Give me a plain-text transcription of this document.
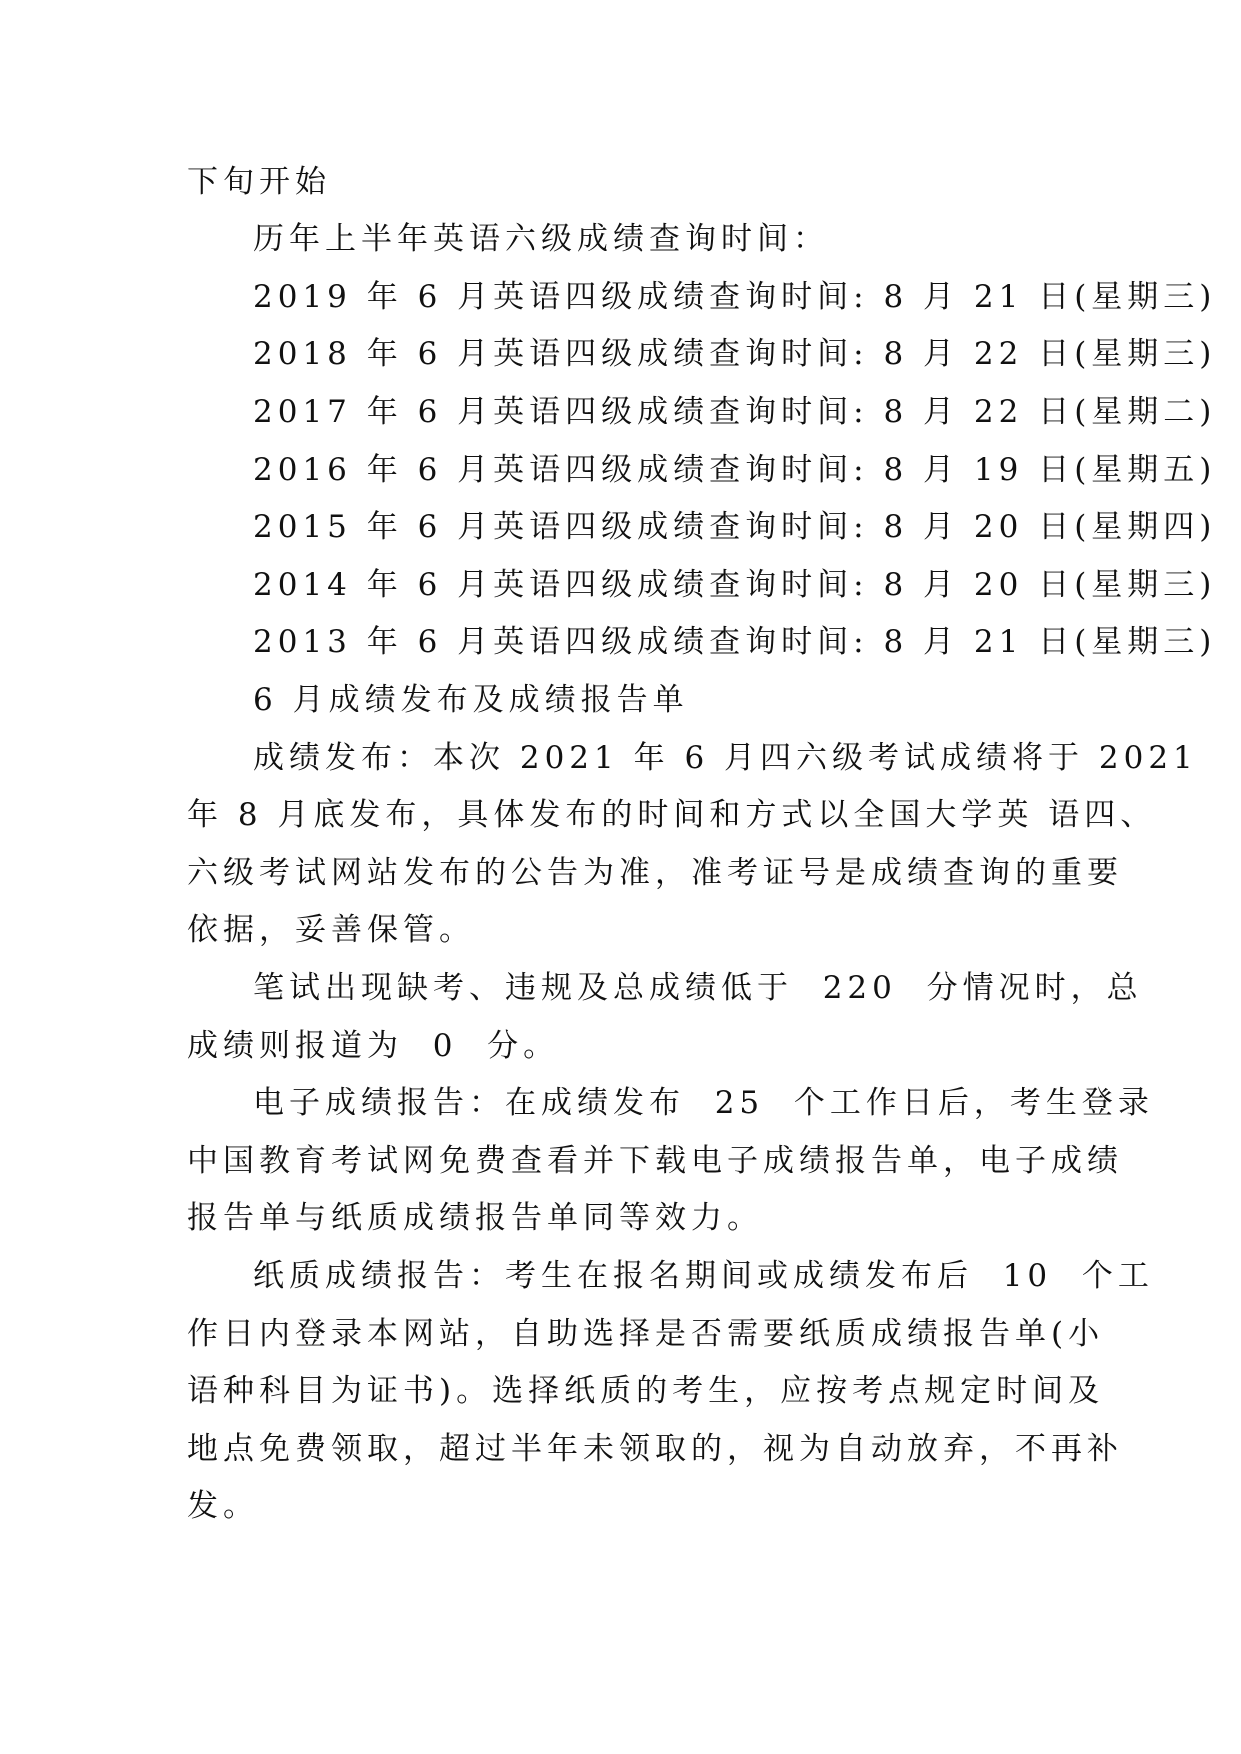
下旬开始

历年上半年英语六级成绩查询时间：

2019 年 6 月英语四级成绩查询时间: 8 月 21 日(星期三)

2018 年 6 月英语四级成绩查询时间: 8 月 22 日(星期三)

2017 年 6 月英语四级成绩查询时间: 8 月 22 日(星期二)

2016 年 6 月英语四级成绩查询时间: 8 月 19 日(星期五)

2015 年 6 月英语四级成绩查询时间: 8 月 20 日(星期四)

2014 年 6 月英语四级成绩查询时间: 8 月 20 日(星期三)

2013 年 6 月英语四级成绩查询时间: 8 月 21 日(星期三)

6 月成绩发布及成绩报告单

成绩发布：本次 2021 年 6 月四六级考试成绩将于 2021

年 8 月底发布，具体发布的时间和方式以全国大学英 语四、

六级考试网站发布的公告为准，准考证号是成绩查询的重要

依据，妥善保管。

笔试出现缺考、违规及总成绩低于  220  分情况时，总

成绩则报道为  0  分。

电子成绩报告：在成绩发布  25  个工作日后，考生登录

中国教育考试网免费查看并下载电子成绩报告单，电子成绩

报告单与纸质成绩报告单同等效力。

纸质成绩报告：考生在报名期间或成绩发布后  10  个工

作日内登录本网站，自助选择是否需要纸质成绩报告单(小

语种科目为证书)。选择纸质的考生，应按考点规定时间及

地点免费领取，超过半年未领取的，视为自动放弃，不再补

发。
